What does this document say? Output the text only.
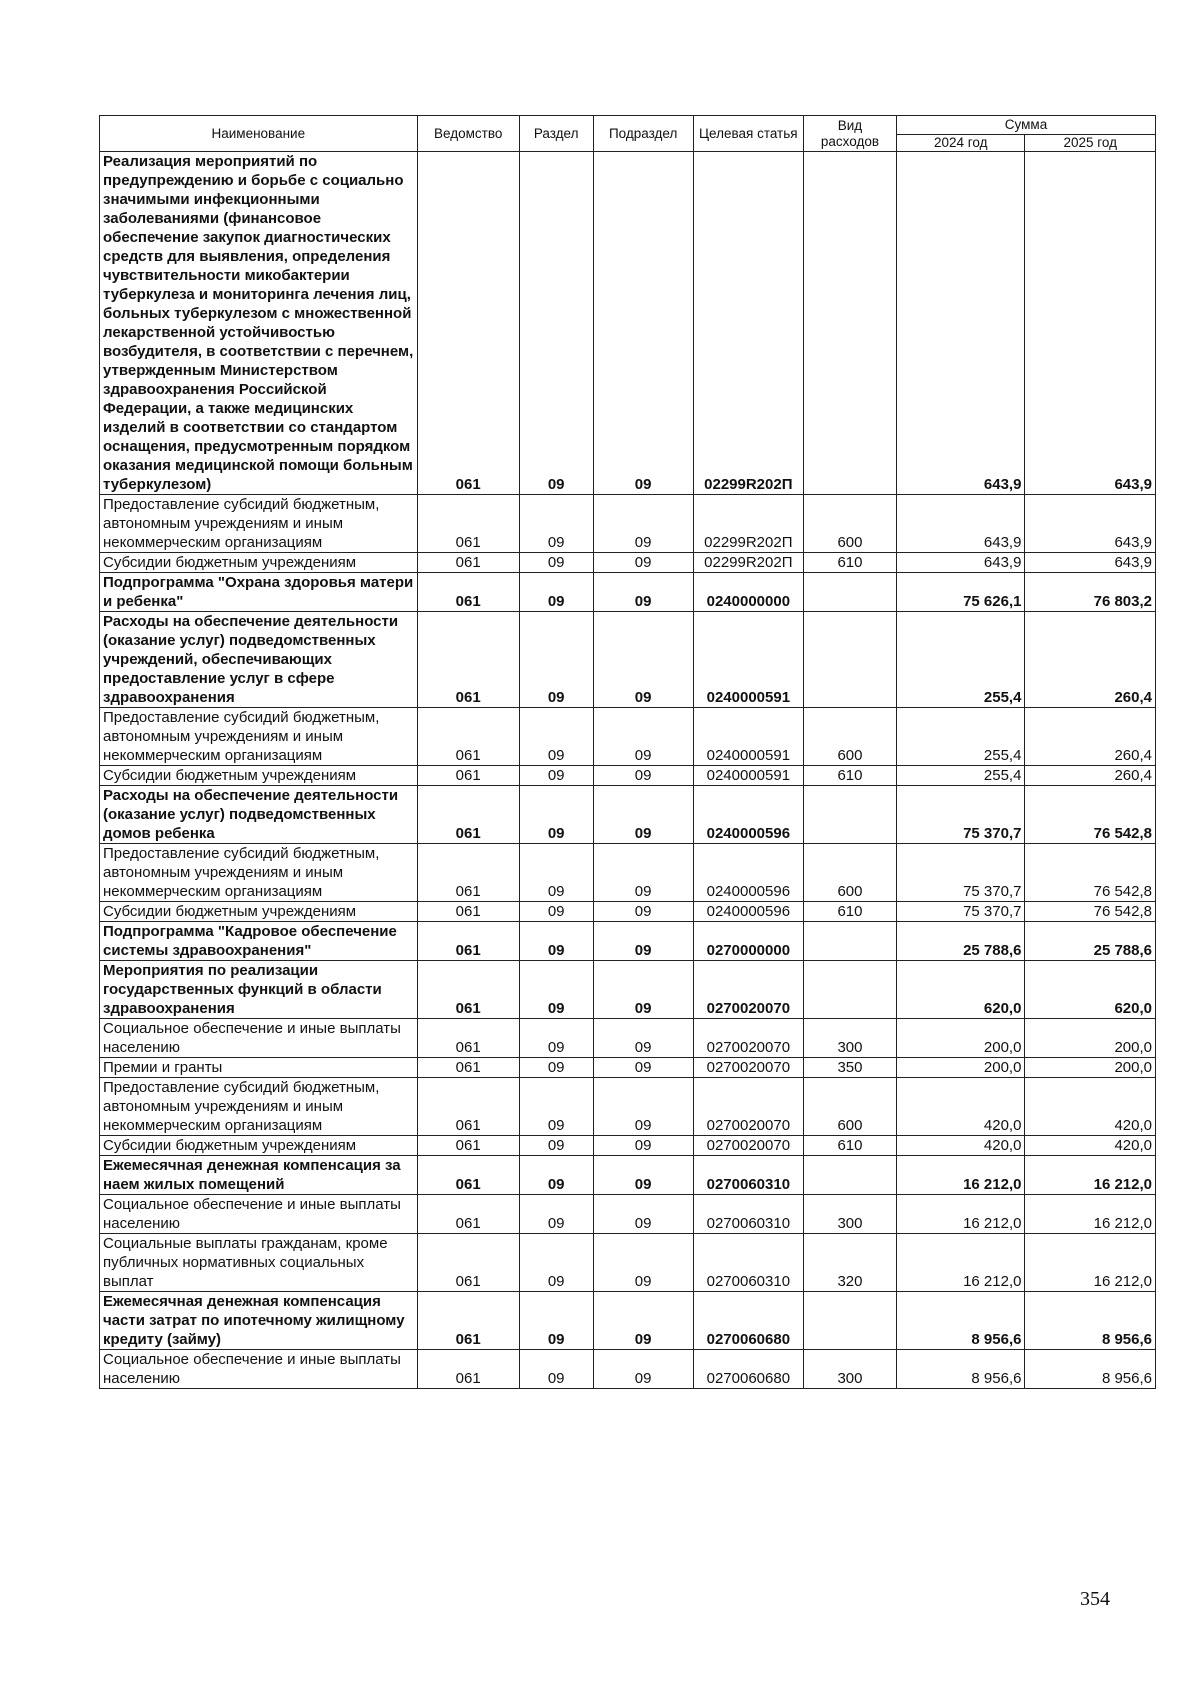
Наименование	Ведомство	Раздел	Подраздел	Целевая статья	Вид расходов	Сумма	
						2024 год	2025 год
Реализация мероприятий по предупреждению и борьбе с социально значимыми инфекционными заболеваниями (финансовое обеспечение закупок диагностических средств для выявления, определения чувствительности микобактерии туберкулеза и мониторинга лечения лиц, больных туберкулезом с множественной лекарственной устойчивостью возбудителя, в соответствии с перечнем, утвержденным Министерством здравоохранения Российской Федерации, а также медицинских изделий в соответствии со стандартом оснащения, предусмотренным порядком оказания медицинской помощи больным туберкулезом)	061	09	09	02299R202П		643,9	643,9
Предоставление субсидий бюджетным, автономным учреждениям и иным некоммерческим организациям	061	09	09	02299R202П	600	643,9	643,9
Субсидии бюджетным учреждениям	061	09	09	02299R202П	610	643,9	643,9
Подпрограмма "Охрана здоровья матери и ребенка"	061	09	09	0240000000		75 626,1	76 803,2
Расходы на обеспечение деятельности (оказание услуг) подведомственных учреждений, обеспечивающих предоставление услуг в сфере здравоохранения	061	09	09	0240000591		255,4	260,4
Предоставление субсидий бюджетным, автономным учреждениям и иным некоммерческим организациям	061	09	09	0240000591	600	255,4	260,4
Субсидии бюджетным учреждениям	061	09	09	0240000591	610	255,4	260,4
Расходы на обеспечение деятельности (оказание услуг) подведомственных домов ребенка	061	09	09	0240000596		75 370,7	76 542,8
Предоставление субсидий бюджетным, автономным учреждениям и иным некоммерческим организациям	061	09	09	0240000596	600	75 370,7	76 542,8
Субсидии бюджетным учреждениям	061	09	09	0240000596	610	75 370,7	76 542,8
Подпрограмма "Кадровое обеспечение системы здравоохранения"	061	09	09	0270000000		25 788,6	25 788,6
Мероприятия по реализации государственных функций в области здравоохранения	061	09	09	0270020070		620,0	620,0
Социальное обеспечение и иные выплаты населению	061	09	09	0270020070	300	200,0	200,0
Премии и гранты	061	09	09	0270020070	350	200,0	200,0
Предоставление субсидий бюджетным, автономным учреждениям и иным некоммерческим организациям	061	09	09	0270020070	600	420,0	420,0
Субсидии бюджетным учреждениям	061	09	09	0270020070	610	420,0	420,0
Ежемесячная денежная компенсация за наем жилых помещений	061	09	09	0270060310		16 212,0	16 212,0
Социальное обеспечение и иные выплаты населению	061	09	09	0270060310	300	16 212,0	16 212,0
Социальные выплаты гражданам, кроме публичных нормативных социальных выплат	061	09	09	0270060310	320	16 212,0	16 212,0
Ежемесячная денежная компенсация части затрат по ипотечному жилищному кредиту (займу)	061	09	09	0270060680		8 956,6	8 956,6
Социальное обеспечение и иные выплаты населению	061	09	09	0270060680	300	8 956,6	8 956,6
354
